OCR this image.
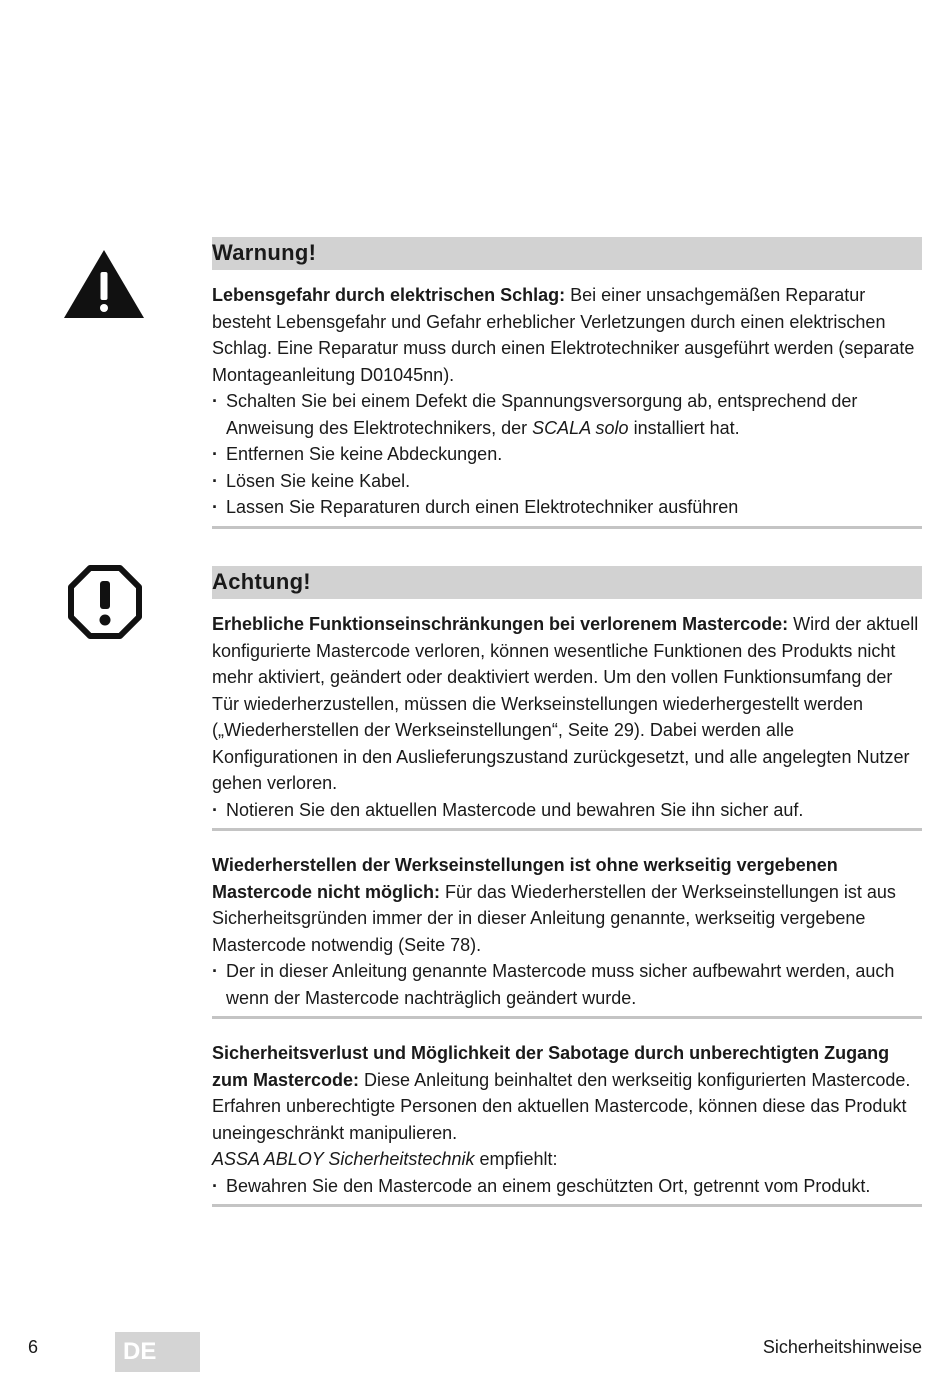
Warnung!

Lebensgefahr durch elektrischen Schlag: Bei einer unsachgemäßen Reparatur besteht Lebensgefahr und Gefahr erheblicher Verletzungen durch einen elektrischen Schlag. Eine Reparatur muss durch einen Elektrotechniker ausgeführt werden (separate Montageanleitung D01045nn).

· Schalten Sie bei einem Defekt die Spannungsversorgung ab, entsprechend der Anweisung des Elektrotechnikers, der SCALA solo installiert hat.
· Entfernen Sie keine Abdeckungen.
· Lösen Sie keine Kabel.
· Lassen Sie Reparaturen durch einen Elektrotechniker ausführen
Achtung!

Erhebliche Funktionseinschränkungen bei verlorenem Mastercode: Wird der aktuell konfigurierte Mastercode verloren, können wesentliche Funktionen des Produkts nicht mehr aktiviert, geändert oder deaktiviert werden. Um den vollen Funktionsumfang der Tür wiederherzustellen, müssen die Werkseinstellungen wiederhergestellt werden („Wiederherstellen der Werkseinstellungen“, Seite 29). Dabei werden alle Konfigurationen in den Auslieferungszustand zurückgesetzt, und alle angelegten Nutzer gehen verloren.

· Notieren Sie den aktuellen Mastercode und bewahren Sie ihn sicher auf.

Wiederherstellen der Werkseinstellungen ist ohne werkseitig vergebenen Mastercode nicht möglich: Für das Wiederherstellen der Werkseinstellungen ist aus Sicherheitsgründen immer der in dieser Anleitung genannte, werkseitig vergebene Mastercode notwendig (Seite 78).

· Der in dieser Anleitung genannte Mastercode muss sicher aufbewahrt werden, auch wenn der Mastercode nachträglich geändert wurde.

Sicherheitsverlust und Möglichkeit der Sabotage durch unberechtigten Zugang zum Mastercode: Diese Anleitung beinhaltet den werkseitig konfigurierten Mastercode. Erfahren unberechtigte Personen den aktuellen Mastercode, können diese das Produkt uneingeschränkt manipulieren.

ASSA ABLOY Sicherheitstechnik empfiehlt:

· Bewahren Sie den Mastercode an einem geschützten Ort, getrennt vom Produkt.
6	DE	Sicherheitshinweise
